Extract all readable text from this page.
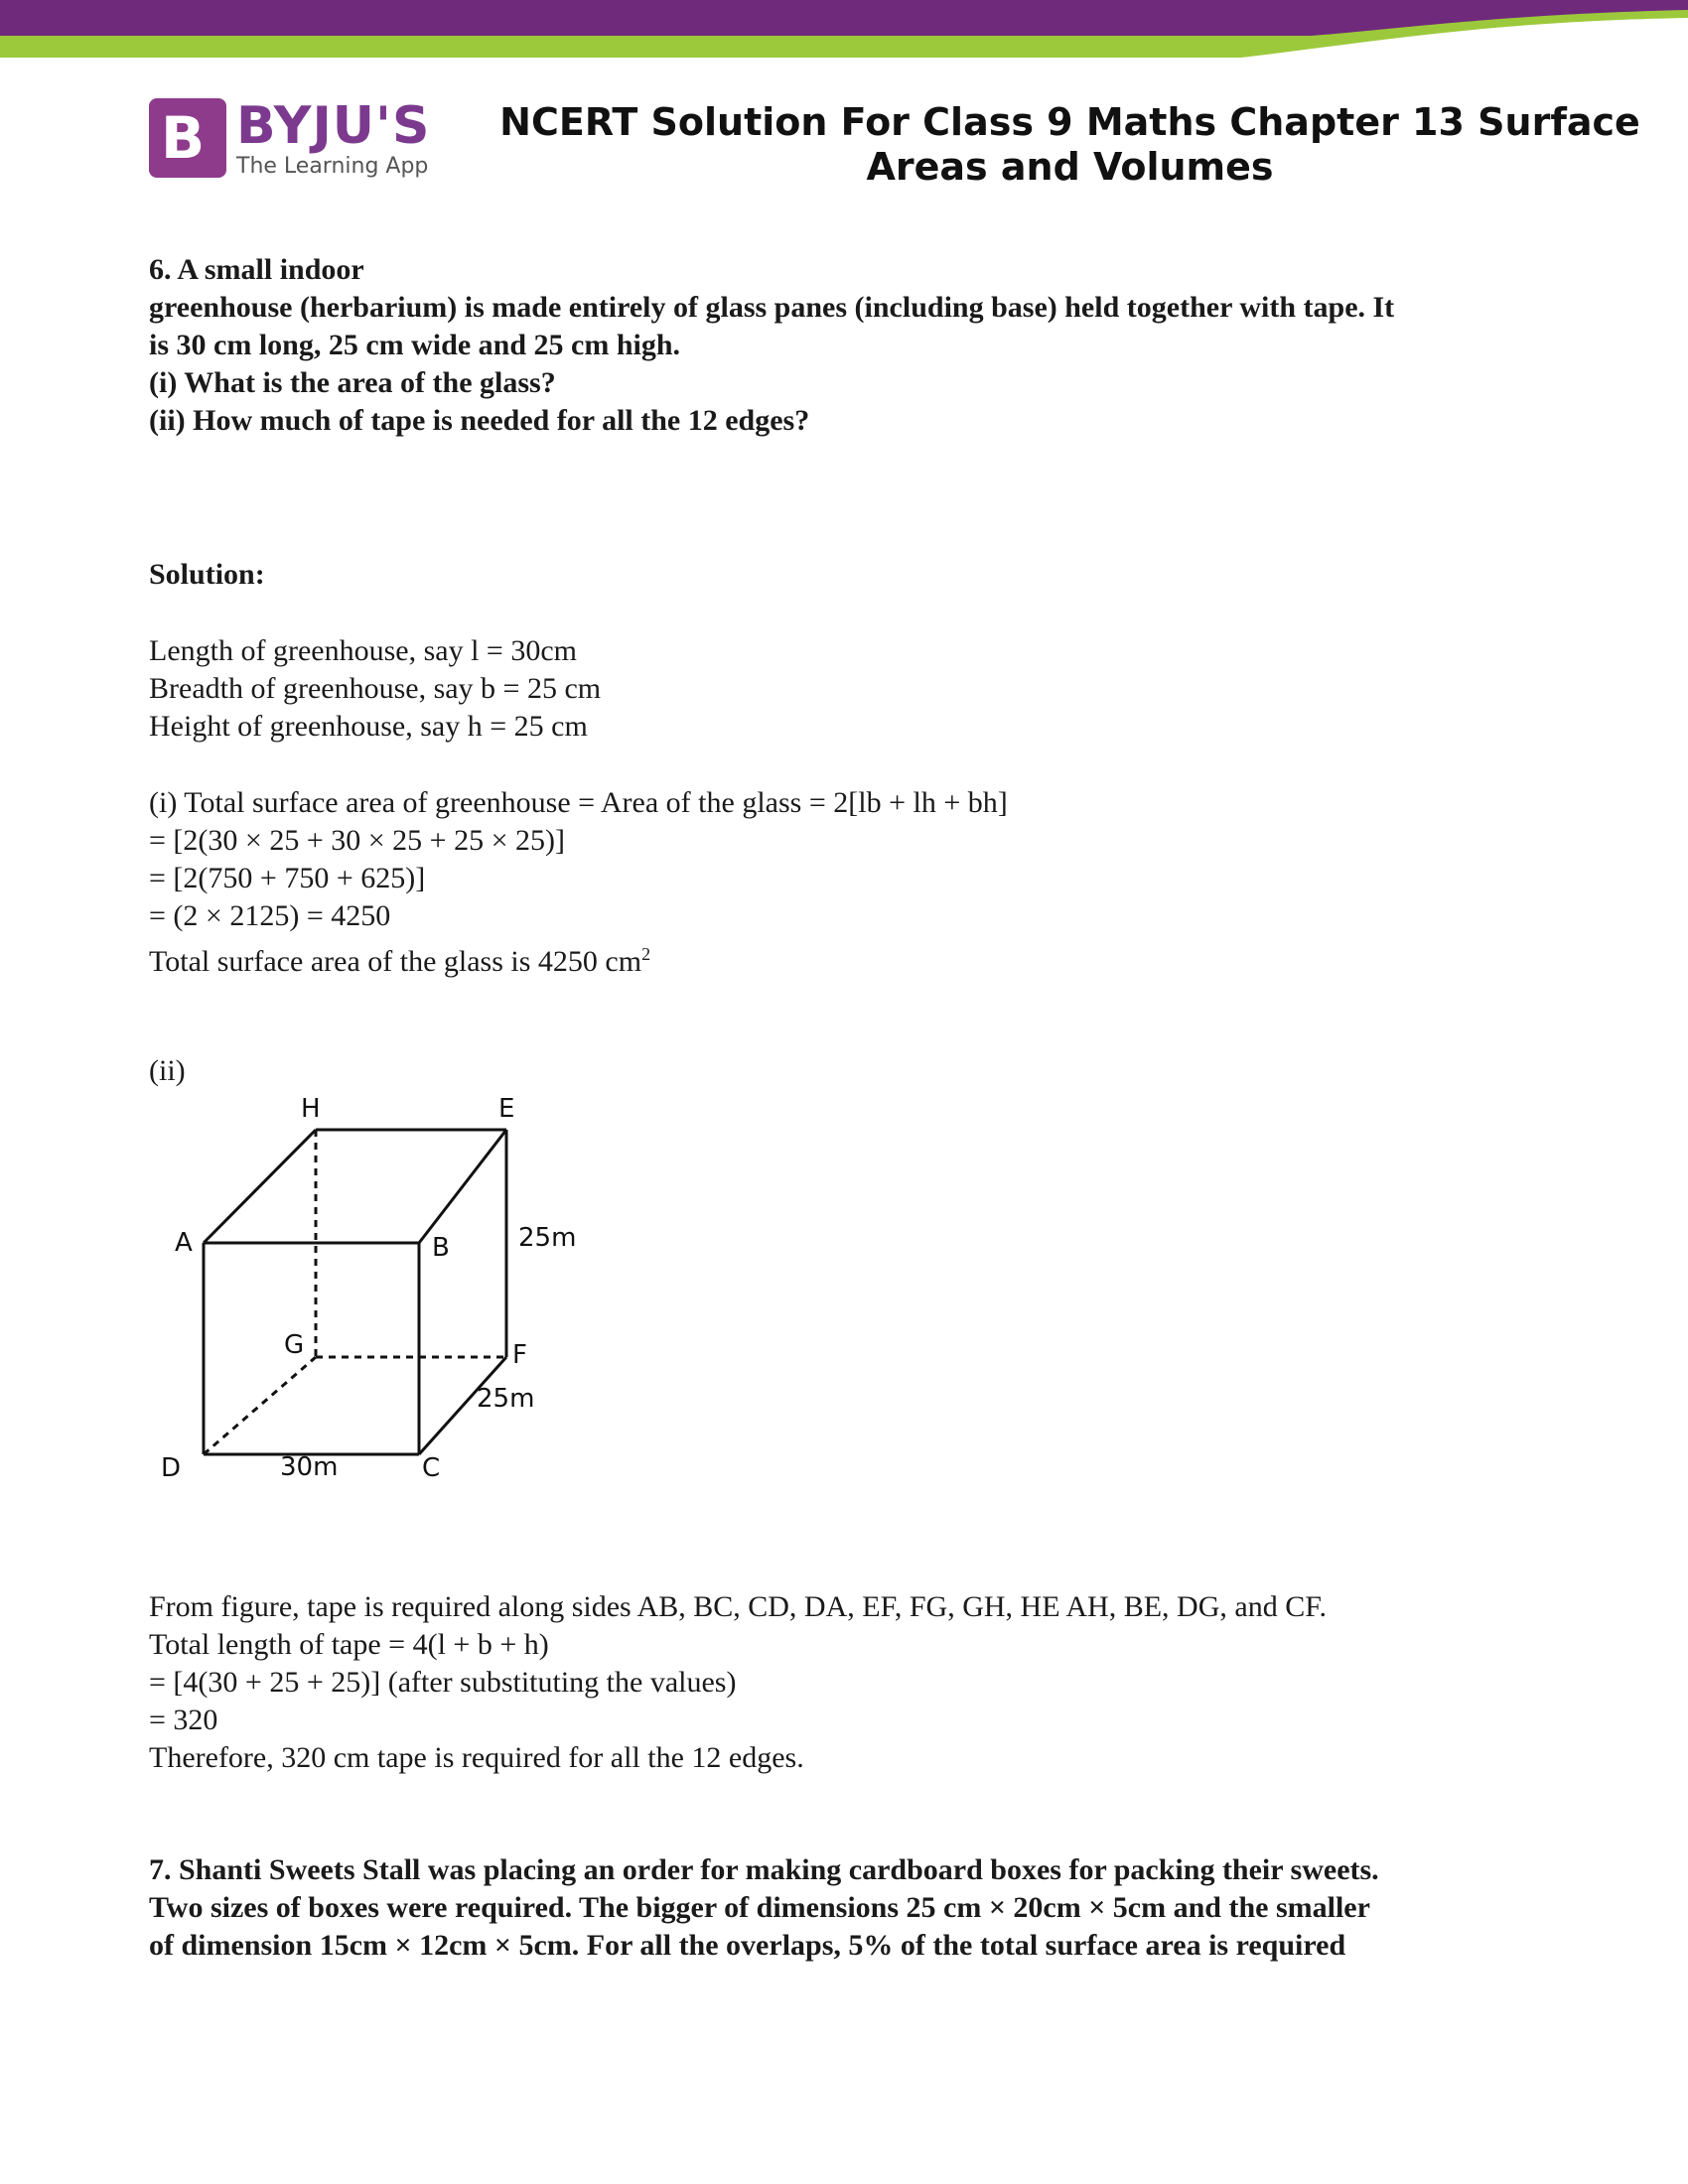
B BYJU'S
The Learning App
NCERT Solution For Class 9 Maths Chapter 13 Surface
Areas and Volumes

6. A small indoor

greenhouse (herbarium) is made entirely of glass panes (including base) held together with tape. It

is 30 cm long, 25 cm wide and 25 cm high.

(i) What is the area of the glass?

(ii) How much of tape is needed for all the 12 edges?

Solution:

Length of greenhouse, say l = 30cm

Breadth of greenhouse, say b = 25 cm

Height of greenhouse, say h = 25 cm

(i) Total surface area of greenhouse = Area of the glass = 2[lb + lh + bh]

= [2(30 × 25 + 30 × 25 + 25 × 25)]

= [2(750 + 750 + 625)]

= (2 × 2125) = 4250

Total surface area of the glass is 4250 $cm^2$

(ii)
H	E
A	B
G	F
D	C
25m
25m
30m

From figure, tape is required along sides AB, BC, CD, DA, EF, FG, GH, HE AH, BE, DG, and CF.

Total length of tape = 4(l + b + h)

= [4(30 + 25 + 25)] (after substituting the values)

= 320

Therefore, 320 cm tape is required for all the 12 edges.

7. Shanti Sweets Stall was placing an order for making cardboard boxes for packing their sweets.

Two sizes of boxes were required. The bigger of dimensions 25 cm × 20cm × 5cm and the smaller

of dimension 15cm × 12cm × 5cm. For all the overlaps, 5% of the total surface area is required
